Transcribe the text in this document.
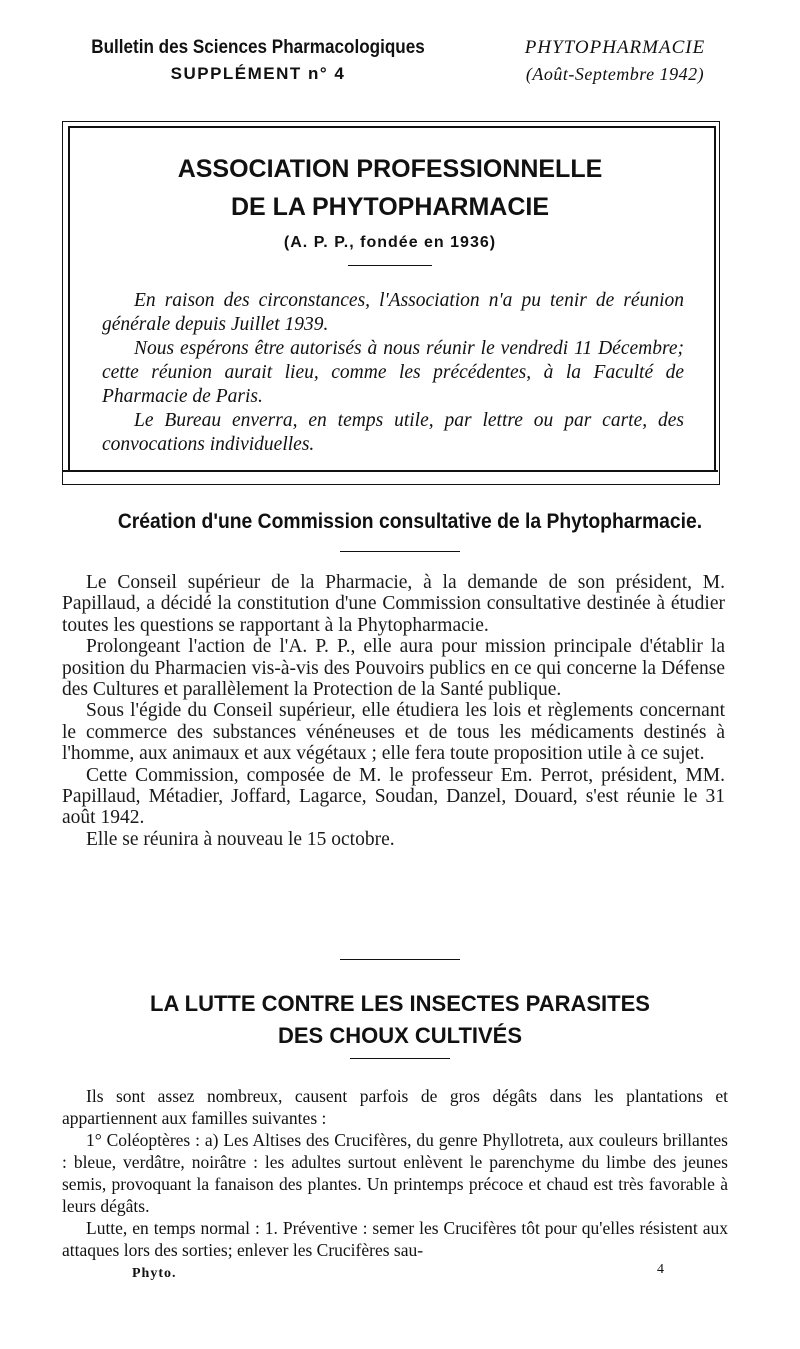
Bulletin des Sciences Pharmacologiques
SUPPLÉMENT n° 4
PHYTOPHARMACIE
(Août-Septembre 1942)
ASSOCIATION PROFESSIONNELLE
DE LA PHYTOPHARMACIE
(A. P. P., fondée en 1936)

En raison des circonstances, l'Association n'a pu tenir de réunion générale depuis Juillet 1939.

Nous espérons être autorisés à nous réunir le vendredi 11 Décembre; cette réunion aurait lieu, comme les précédentes, à la Faculté de Pharmacie de Paris.

Le Bureau enverra, en temps utile, par lettre ou par carte, des convocations individuelles.

Création d'une Commission consultative de la Phytopharmacie.

Le Conseil supérieur de la Pharmacie, à la demande de son président, M. Papillaud, a décidé la constitution d'une Commission consultative destinée à étudier toutes les questions se rapportant à la Phytopharmacie.

Prolongeant l'action de l'A. P. P., elle aura pour mission principale d'établir la position du Pharmacien vis-à-vis des Pouvoirs publics en ce qui concerne la Défense des Cultures et parallèlement la Protection de la Santé publique.

Sous l'égide du Conseil supérieur, elle étudiera les lois et règlements concernant le commerce des substances vénéneuses et de tous les médicaments destinés à l'homme, aux animaux et aux végétaux ; elle fera toute proposition utile à ce sujet.

Cette Commission, composée de M. le professeur Em. Perrot, président, MM. Papillaud, Métadier, Joffard, Lagarce, Soudan, Danzel, Douard, s'est réunie le 31 août 1942.

Elle se réunira à nouveau le 15 octobre.

LA LUTTE CONTRE LES INSECTES PARASITES
DES CHOUX CULTIVÉS

Ils sont assez nombreux, causent parfois de gros dégâts dans les plantations et appartiennent aux familles suivantes :

1° Coléoptères : a) Les Altises des Crucifères, du genre Phyllotreta, aux couleurs brillantes : bleue, verdâtre, noirâtre : les adultes surtout enlèvent le parenchyme du limbe des jeunes semis, provoquant la fanaison des plantes. Un printemps précoce et chaud est très favorable à leurs dégâts.

Lutte, en temps normal : 1. Préventive : semer les Crucifères tôt pour qu'elles résistent aux attaques lors des sorties; enlever les Crucifères sau-

Phyto.	4
